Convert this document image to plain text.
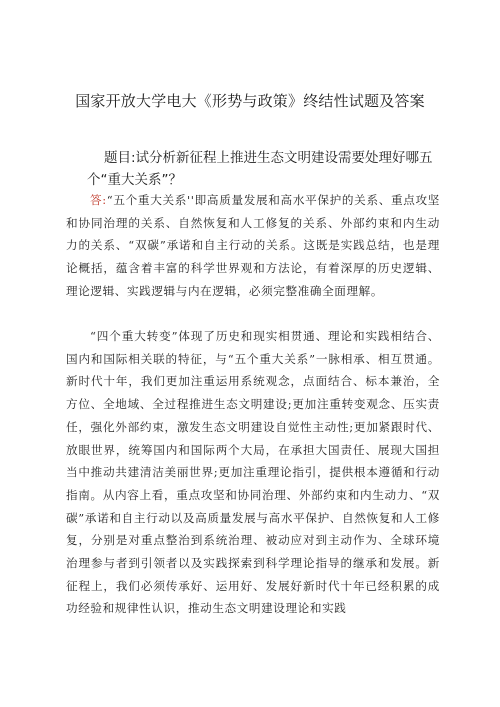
国家开放大学电大《形势与政策》终结性试题及答案
题目:试分析新征程上推进生态文明建设需要处理好哪五个“重大关系”？
答:“五个重大关系''即高质量发展和高水平保护的关系、重点攻坚和协同治理的关系、自然恢复和人工修复的关系、外部约束和内生动力的关系、“双碳”承诺和自主行动的关系。这既是实践总结，也是理论概括，蕴含着丰富的科学世界观和方法论，有着深厚的历史逻辑、理论逻辑、实践逻辑与内在逻辑，必须完整准确全面理解。
“四个重大转变”体现了历史和现实相贯通、理论和实践相结合、国内和国际相关联的特征，与“五个重大关系”一脉相承、相互贯通。新时代十年，我们更加注重运用系统观念，点面结合、标本兼治，全方位、全地域、全过程推进生态文明建设;更加注重转变观念、压实责任，强化外部约束，激发生态文明建设自觉性主动性;更加紧跟时代、放眼世界，统筹国内和国际两个大局，在承担大国责任、展现大国担当中推动共建清洁美丽世界;更加注重理论指引，提供根本遵循和行动指南。从内容上看，重点攻坚和协同治理、外部约束和内生动力、“双碳”承诺和自主行动以及高质量发展与高水平保护、自然恢复和人工修复，分别是对重点整治到系统治理、被动应对到主动作为、全球环境治理参与者到引领者以及实践探索到科学理论指导的继承和发展。新征程上，我们必须传承好、运用好、发展好新时代十年已经积累的成功经验和规律性认识，推动生态文明建设理论和实践
